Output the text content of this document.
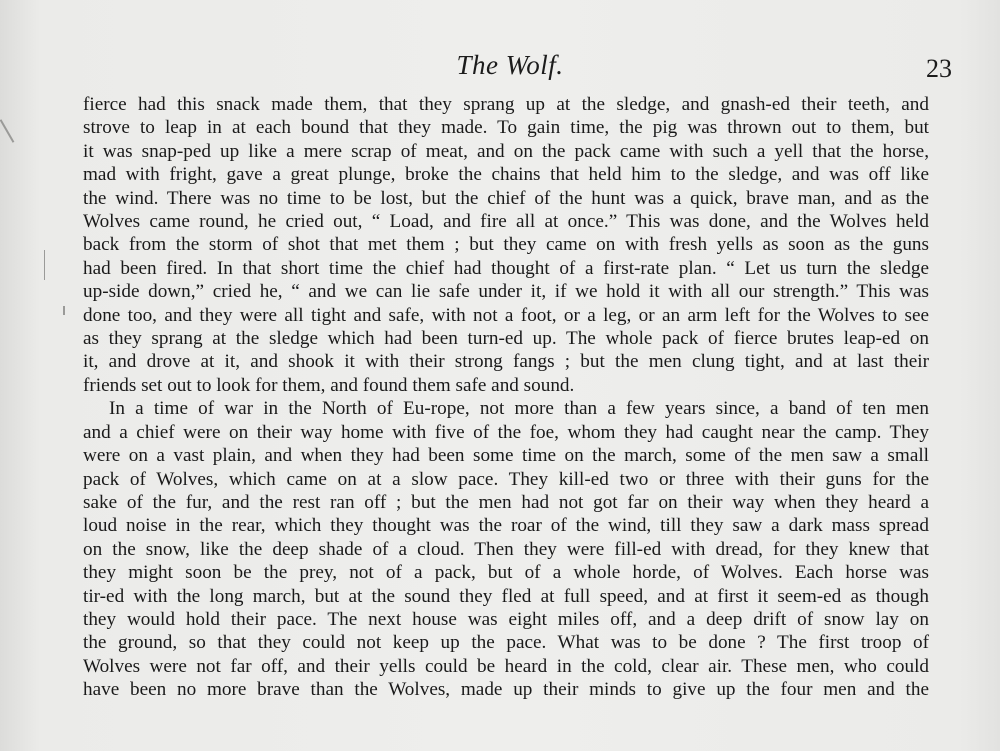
The Wolf.	23
fierce had this snack made them, that they sprang up at the sledge, and gnash-ed their teeth, and
strove to leap in at each bound that they made. To gain time, the pig was thrown out to them, but
it was snap-ped up like a mere scrap of meat, and on the pack came with such a yell that the horse,
mad with fright, gave a great plunge, broke the chains that held him to the sledge, and was off like
the wind. There was no time to be lost, but the chief of the hunt was a quick, brave man, and as the
Wolves came round, he cried out, “ Load, and fire all at once.” This was done, and the Wolves held
back from the storm of shot that met them ; but they came on with fresh yells as soon as the guns
had been fired. In that short time the chief had thought of a first-rate plan. “ Let us turn the sledge
up-side down,” cried he, “ and we can lie safe under it, if we hold it with all our strength.” This was
done too, and they were all tight and safe, with not a foot, or a leg, or an arm left for the Wolves to see
as they sprang at the sledge which had been turn-ed up. The whole pack of fierce brutes leap-ed on
it, and drove at it, and shook it with their strong fangs ; but the men clung tight, and at last their
friends set out to look for them, and found them safe and sound.
In a time of war in the North of Eu-rope, not more than a few years since, a band of ten men
and a chief were on their way home with five of the foe, whom they had caught near the camp. They
were on a vast plain, and when they had been some time on the march, some of the men saw a small
pack of Wolves, which came on at a slow pace. They kill-ed two or three with their guns for the
sake of the fur, and the rest ran off ; but the men had not got far on their way when they heard a
loud noise in the rear, which they thought was the roar of the wind, till they saw a dark mass spread
on the snow, like the deep shade of a cloud. Then they were fill-ed with dread, for they knew that
they might soon be the prey, not of a pack, but of a whole horde, of Wolves. Each horse was
tir-ed with the long march, but at the sound they fled at full speed, and at first it seem-ed as though
they would hold their pace. The next house was eight miles off, and a deep drift of snow lay on
the ground, so that they could not keep up the pace. What was to be done ? The first troop of
Wolves were not far off, and their yells could be heard in the cold, clear air. These men, who could
have been no more brave than the Wolves, made up their minds to give up the four men and the
